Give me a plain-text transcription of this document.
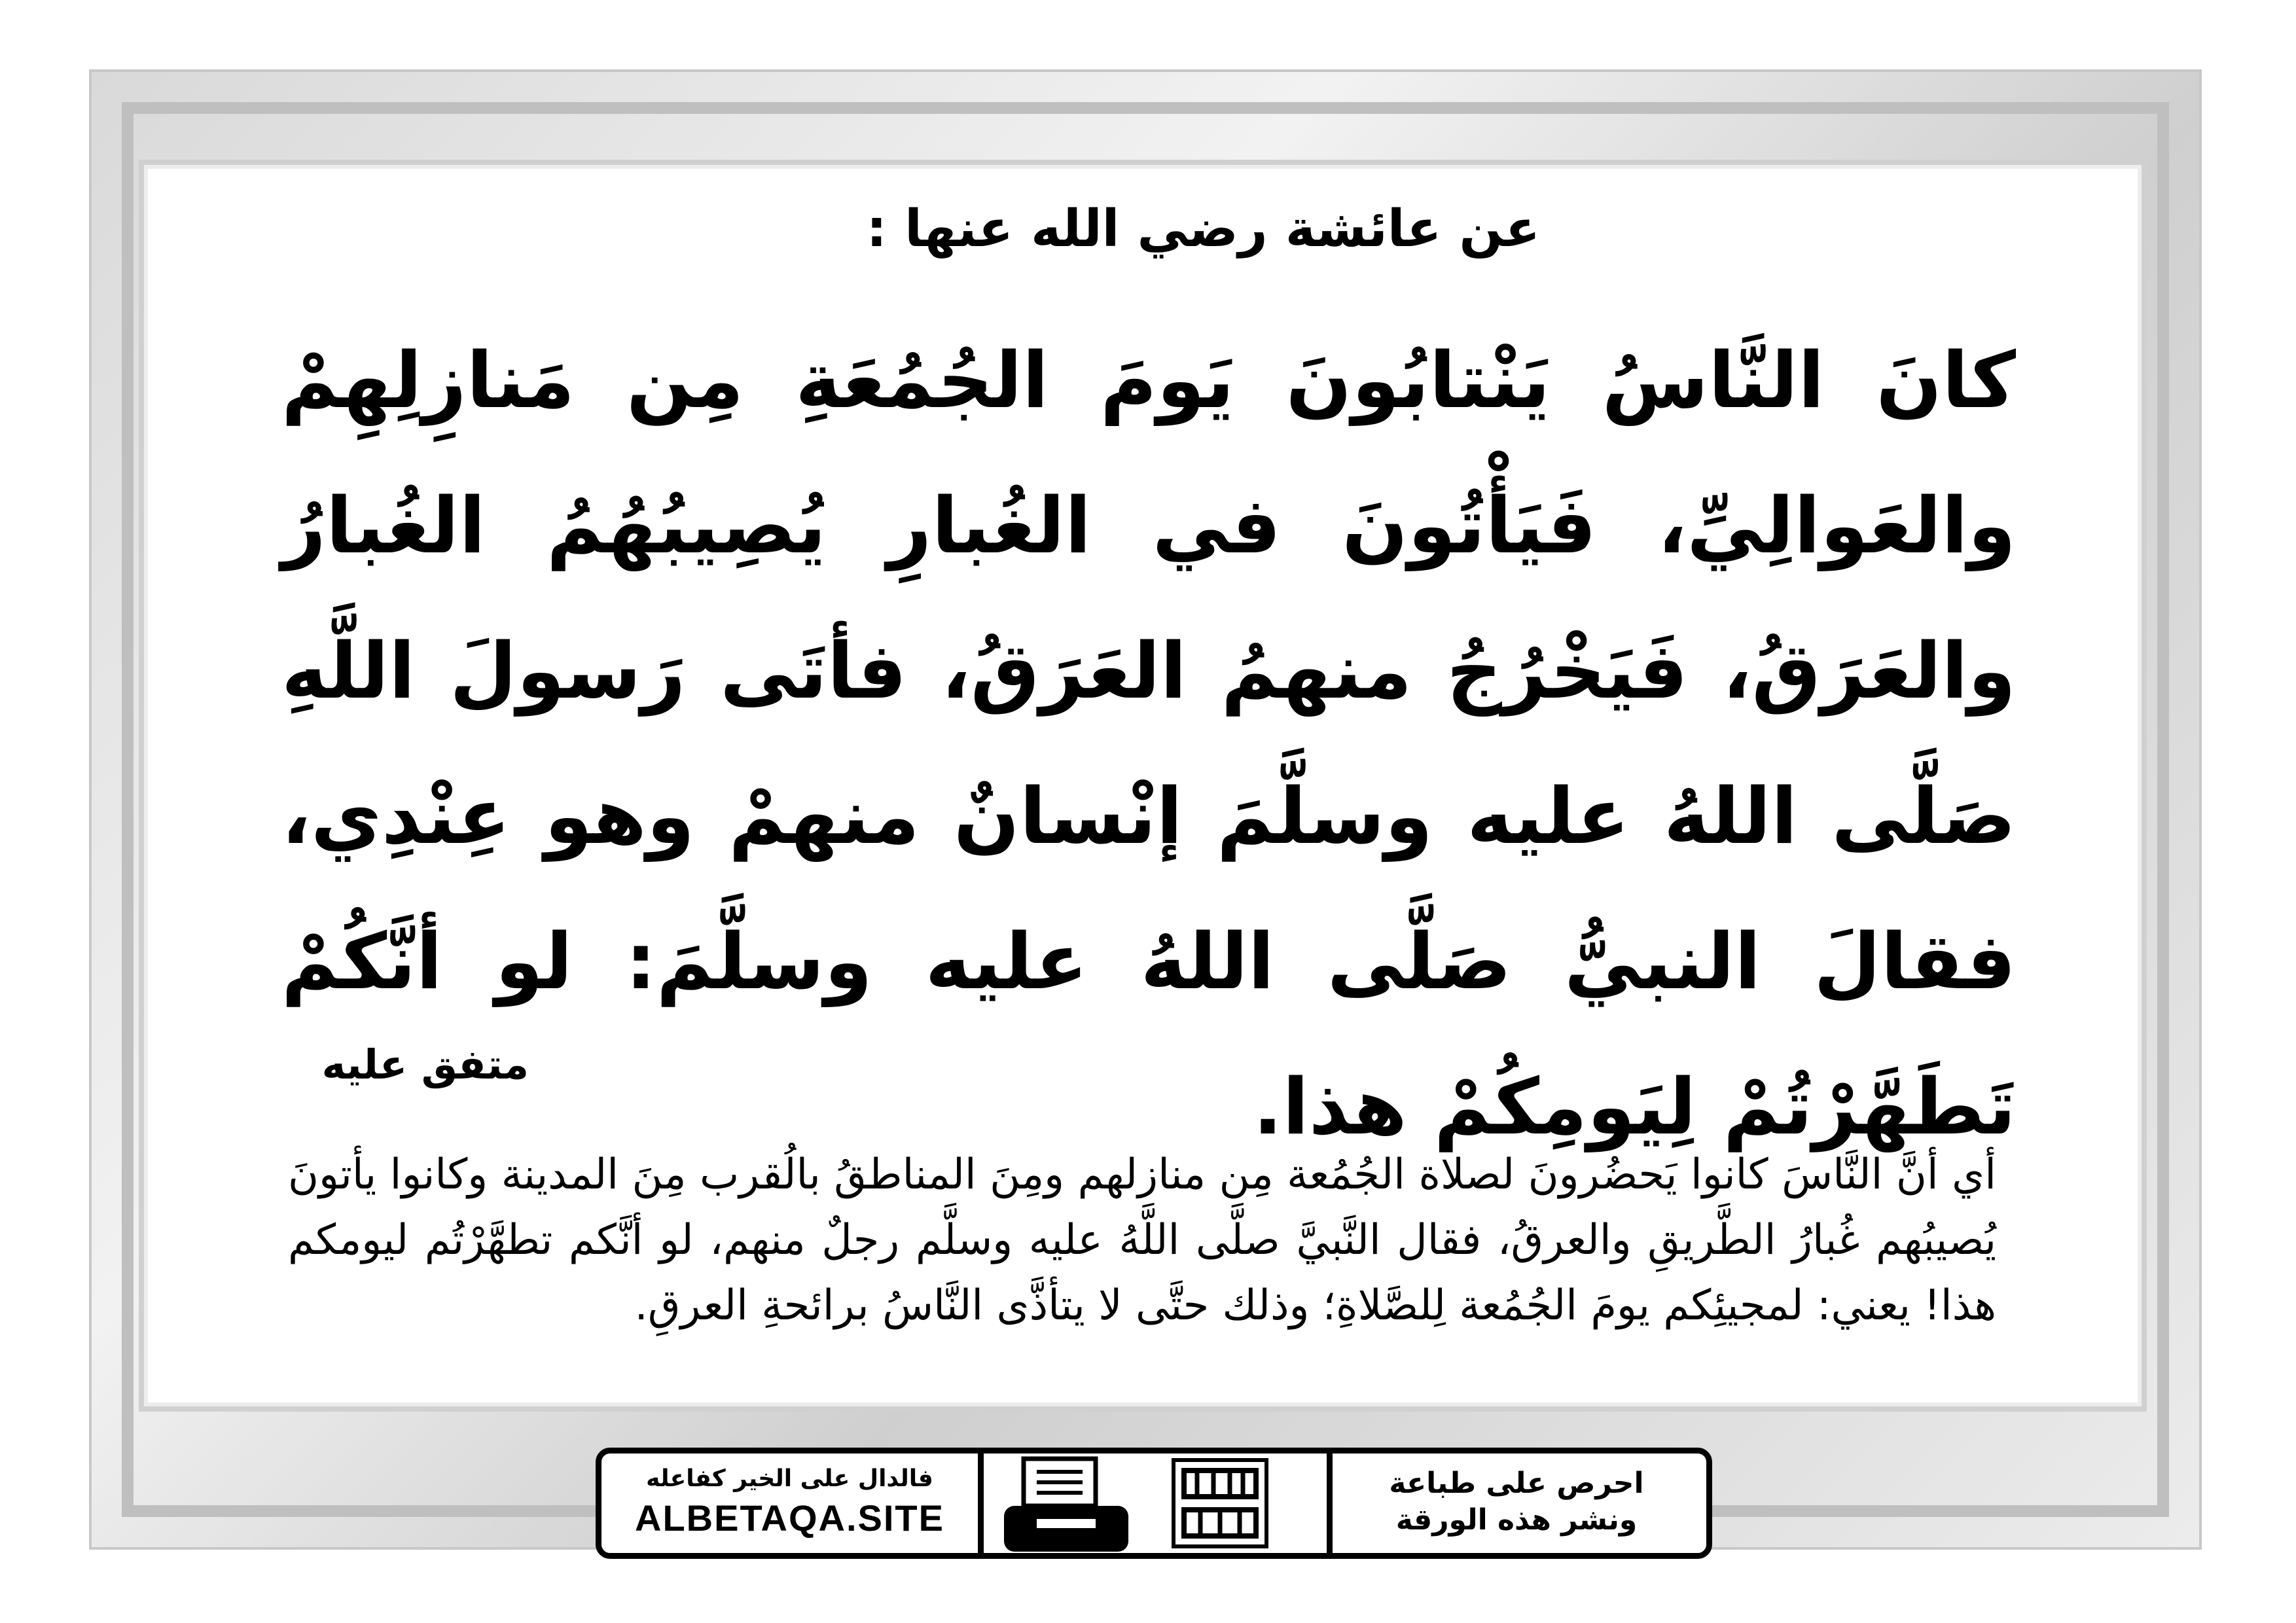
عن عائشة رضي الله عنها :
كانَ النَّاسُ يَنْتابُونَ يَومَ الجُمُعَةِ مِن مَنازِلِهِمْ والعَوالِيِّ، فَيَأْتُونَ في الغُبارِ يُصِيبُهُمُ الغُبارُ والعَرَقُ، فَيَخْرُجُ منهمُ العَرَقُ، فأتَى رَسولَ اللَّهِ صَلَّى اللهُ عليه وسلَّمَ إنْسانٌ منهمْ وهو عِنْدِي، فقالَ النبيُّ صَلَّى اللهُ عليه وسلَّمَ: لو أنَّكُمْ تَطَهَّرْتُمْ لِيَومِكُمْ هذا.
متفق عليه
أي أنَّ النَّاسَ كانوا يَحضُرونَ لصلاة الجُمُعة مِن منازلهم ومِنَ المناطقُ بالُقرب مِنَ المدينة وكانوا يأتونَ يُصيبُهم غُبارُ الطَّريقِ والعرقُ، فقال النَّبيَّ صلَّى اللَّهُ عليه وسلَّم رجلٌ منهم، لو أنَّكم تطهَّرْتُم ليومكم هذا! يعني: لمجيئِكم يومَ الجُمُعة لِلصَّلاةِ؛ وذلك حتَّى لا يتأذَّى النَّاسُ برائحةِ العرقِ.
فالدال على الخير كفاعله
ALBETAQA.SITE
احرص على طباعة
ونشر هذه الورقة
